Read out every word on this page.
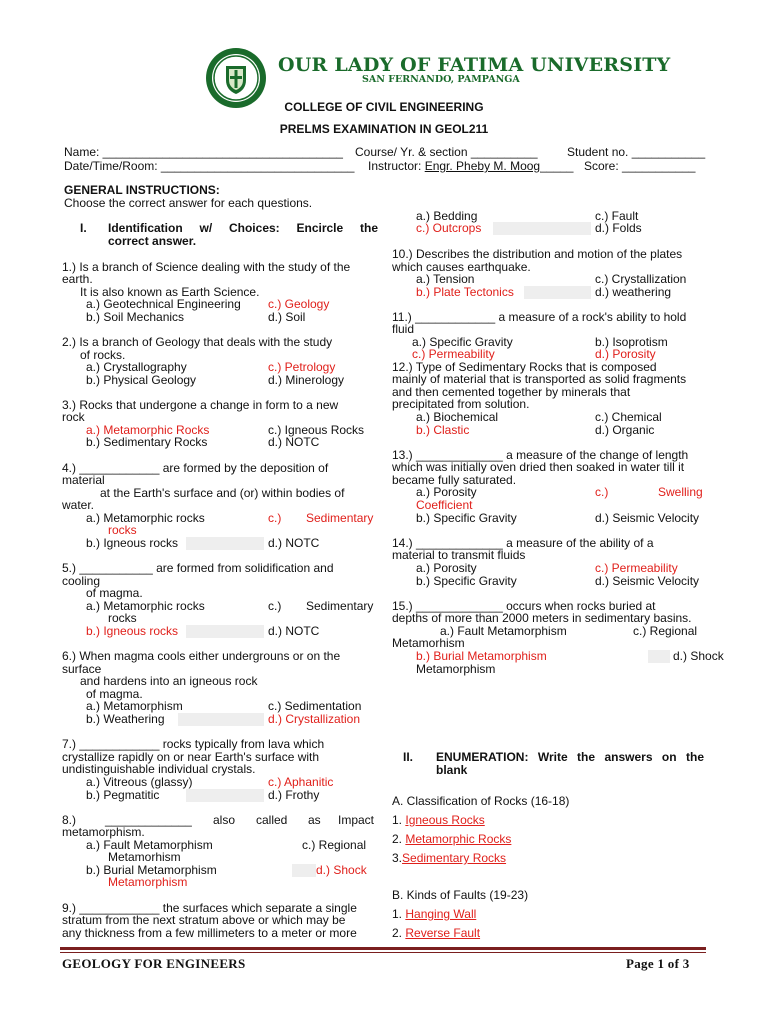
OUR LADY OF FATIMA UNIVERSITY
SAN FERNANDO, PAMPANGA
COLLEGE OF CIVIL ENGINEERING
PRELMS EXAMINATION IN GEOL211
Name: ____________________________________ Course/ Yr. & section __________ Student no. ___________
Date/Time/Room: _____________________________ Instructor: Engr. Pheby M. Moog_____ Score: ___________
GENERAL INSTRUCTIONS:
Choose the correct answer for each questions.
I. Identification w/ Choices: Encircle the
correct answer.
1.) Is a branch of Science dealing with the study of the
earth.
It is also known as Earth Science.
a.) Geotechnical Engineering c.) Geology
b.) Soil Mechanics	d.) Soil
2.) Is a branch of Geology that deals with the study
of rocks.
a.) Crystallography	c.) Petrology
b.) Physical Geology	d.) Minerology
3.) Rocks that undergone a change in form to a new
rock
a.) Metamorphic Rocks	c.) Igneous Rocks
b.) Sedimentary Rocks	d.) NOTC
4.) ____________ are formed by the deposition of
material
at the Earth's surface and (or) within bodies of
water.
a.) Metamorphic rocks	c.) Sedimentary
rocks
b.) Igneous rocks	d.) NOTC
5.) ___________ are formed from solidification and
cooling
of magma.
a.) Metamorphic rocks	c.) Sedimentary
rocks
b.) Igneous rocks	d.) NOTC
6.) When magma cools either undergrouns or on the
surface
and hardens into an igneous rock
of magma.
a.) Metamorphism	c.) Sedimentation
b.) Weathering	d.) Crystallization
7.) ____________ rocks typically from lava which
crystallize rapidly on or near Earth's surface with
undistinguishable individual crystals.
a.) Vitreous (glassy)	c.) Aphanitic
b.) Pegmatitic	d.) Frothy
8.) _____________ also called as Impact
metamorphism.
a.) Fault Metamorphism	c.) Regional
Metamorhism
b.) Burial Metamorphism	d.) Shock
Metamorphism
9.) ____________ the surfaces which separate a single
stratum from the next stratum above or which may be
any thickness from a few millimeters to a meter or more
a.) Bedding	c.) Fault
c.) Outcrops	d.) Folds
10.) Describes the distribution and motion of the plates
which causes earthquake.
a.) Tension	c.) Crystallization
b.) Plate Tectonics	d.) weathering
11.) ____________ a measure of a rock's ability to hold
fluid
a.) Specific Gravity	b.) Isoprotism
c.) Permeability	d.) Porosity
12.) Type of Sedimentary Rocks that is composed
mainly of material that is transported as solid fragments
and then cemented together by minerals that
precipitated from solution.
a.) Biochemical	c.) Chemical
b.) Clastic	d.) Organic
13.) _____________ a measure of the change of length
which was initially oven dried then soaked in water till it
became fully saturated.
a.) Porosity	c.)	Swelling
Coefficient
b.) Specific Gravity	d.) Seismic Velocity
14.) _____________ a measure of the ability of a
material to transmit fluids
a.) Porosity	c.) Permeability
b.) Specific Gravity	d.) Seismic Velocity
15.) _____________ occurs when rocks buried at
depths of more than 2000 meters in sedimentary basins.
a.) Fault Metamorphism	c.) Regional
Metamorhism
b.) Burial Metamorphism	d.) Shock
Metamorphism
II. ENUMERATION: Write the answers on the
blank
A. Classification of Rocks (16-18)
1. Igneous Rocks
2. Metamorphic Rocks
3.Sedimentary Rocks
B. Kinds of Faults (19-23)
1. Hanging Wall
2. Reverse Fault
GEOLOGY FOR ENGINEERS	Page 1 of 3
